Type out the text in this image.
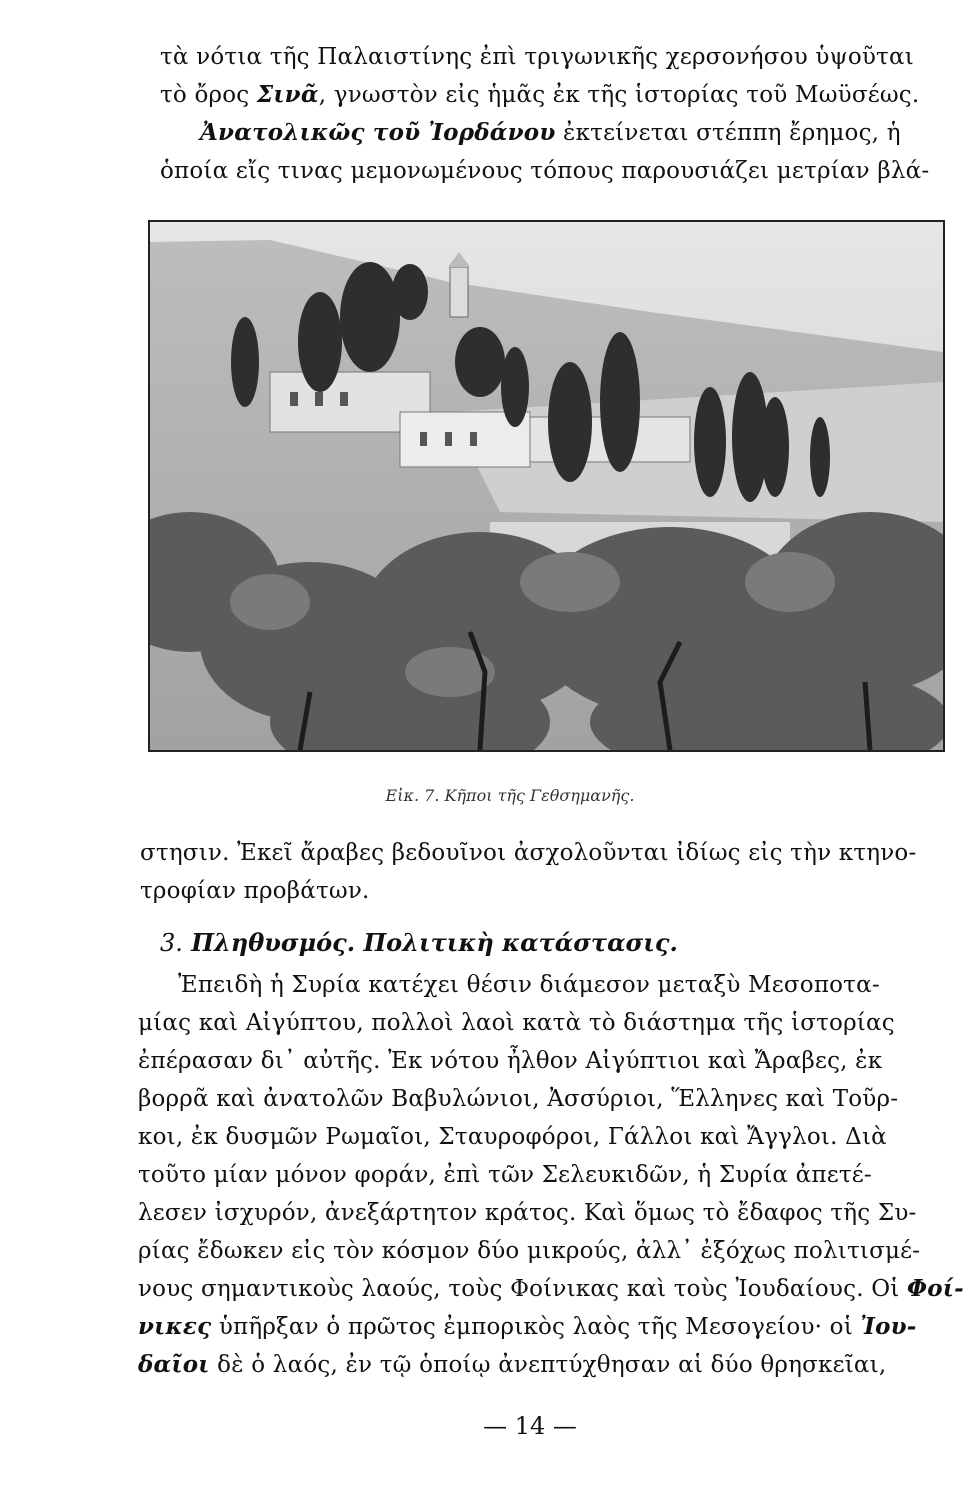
τὰ νότια τῆς Παλαιστίνης ἐπὶ τριγωνικῆς χερσονήσου ὑψοῦται
τὸ ὄρος Σινᾶ, γνωστὸν εἰς ἡμᾶς ἐκ τῆς ἱστορίας τοῦ Μωϋσέως.
Ἀνατολικῶς τοῦ Ἰορδάνου ἐκτείνεται στέππη ἔρημος, ἡ
ὁποία εἴς τινας μεμονωμένους τόπους παρουσιάζει μετρίαν βλά-
Εἰκ. 7. Κῆποι τῆς Γεθσημανῆς.
στησιν. Ἐκεῖ ἄραβες βεδουῖνοι ἀσχολοῦνται ἰδίως εἰς τὴν κτηνο-
τροφίαν προβάτων.
3. Πληθυσμός. Πολιτικὴ κατάστασις.
Ἐπειδὴ ἡ Συρία κατέχει θέσιν διάμεσον μεταξὺ Μεσοποτα-
μίας καὶ Αἰγύπτου, πολλοὶ λαοὶ κατὰ τὸ διάστημα τῆς ἱστορίας
ἐπέρασαν δι᾿ αὐτῆς. Ἐκ νότου ἦλθον Αἰγύπτιοι καὶ Ἄραβες, ἐκ
βορρᾶ καὶ ἀνατολῶν Βαβυλώνιοι, Ἀσσύριοι, Ἕλληνες καὶ Τοῦρ-
κοι, ἐκ δυσμῶν Ρωμαῖοι, Σταυροφόροι, Γάλλοι καὶ Ἄγγλοι. Διὰ
τοῦτο μίαν μόνον φοράν, ἐπὶ τῶν Σελευκιδῶν, ἡ Συρία ἀπετέ-
λεσεν ἰσχυρόν, ἀνεξάρτητον κράτος. Καὶ ὅμως τὸ ἔδαφος τῆς Συ-
ρίας ἔδωκεν εἰς τὸν κόσμον δύο μικρούς, ἀλλ᾿ ἐξόχως πολιτισμέ-
νους σημαντικοὺς λαούς, τοὺς Φοίνικας καὶ τοὺς Ἰουδαίους. Οἱ Φοί-
νικες ὑπῆρξαν ὁ πρῶτος ἐμπορικὸς λαὸς τῆς Μεσογείου· οἱ Ἰου-
δαῖοι δὲ ὁ λαός, ἐν τῷ ὁποίῳ ἀνεπτύχθησαν αἱ δύο θρησκεῖαι,
— 14 —
